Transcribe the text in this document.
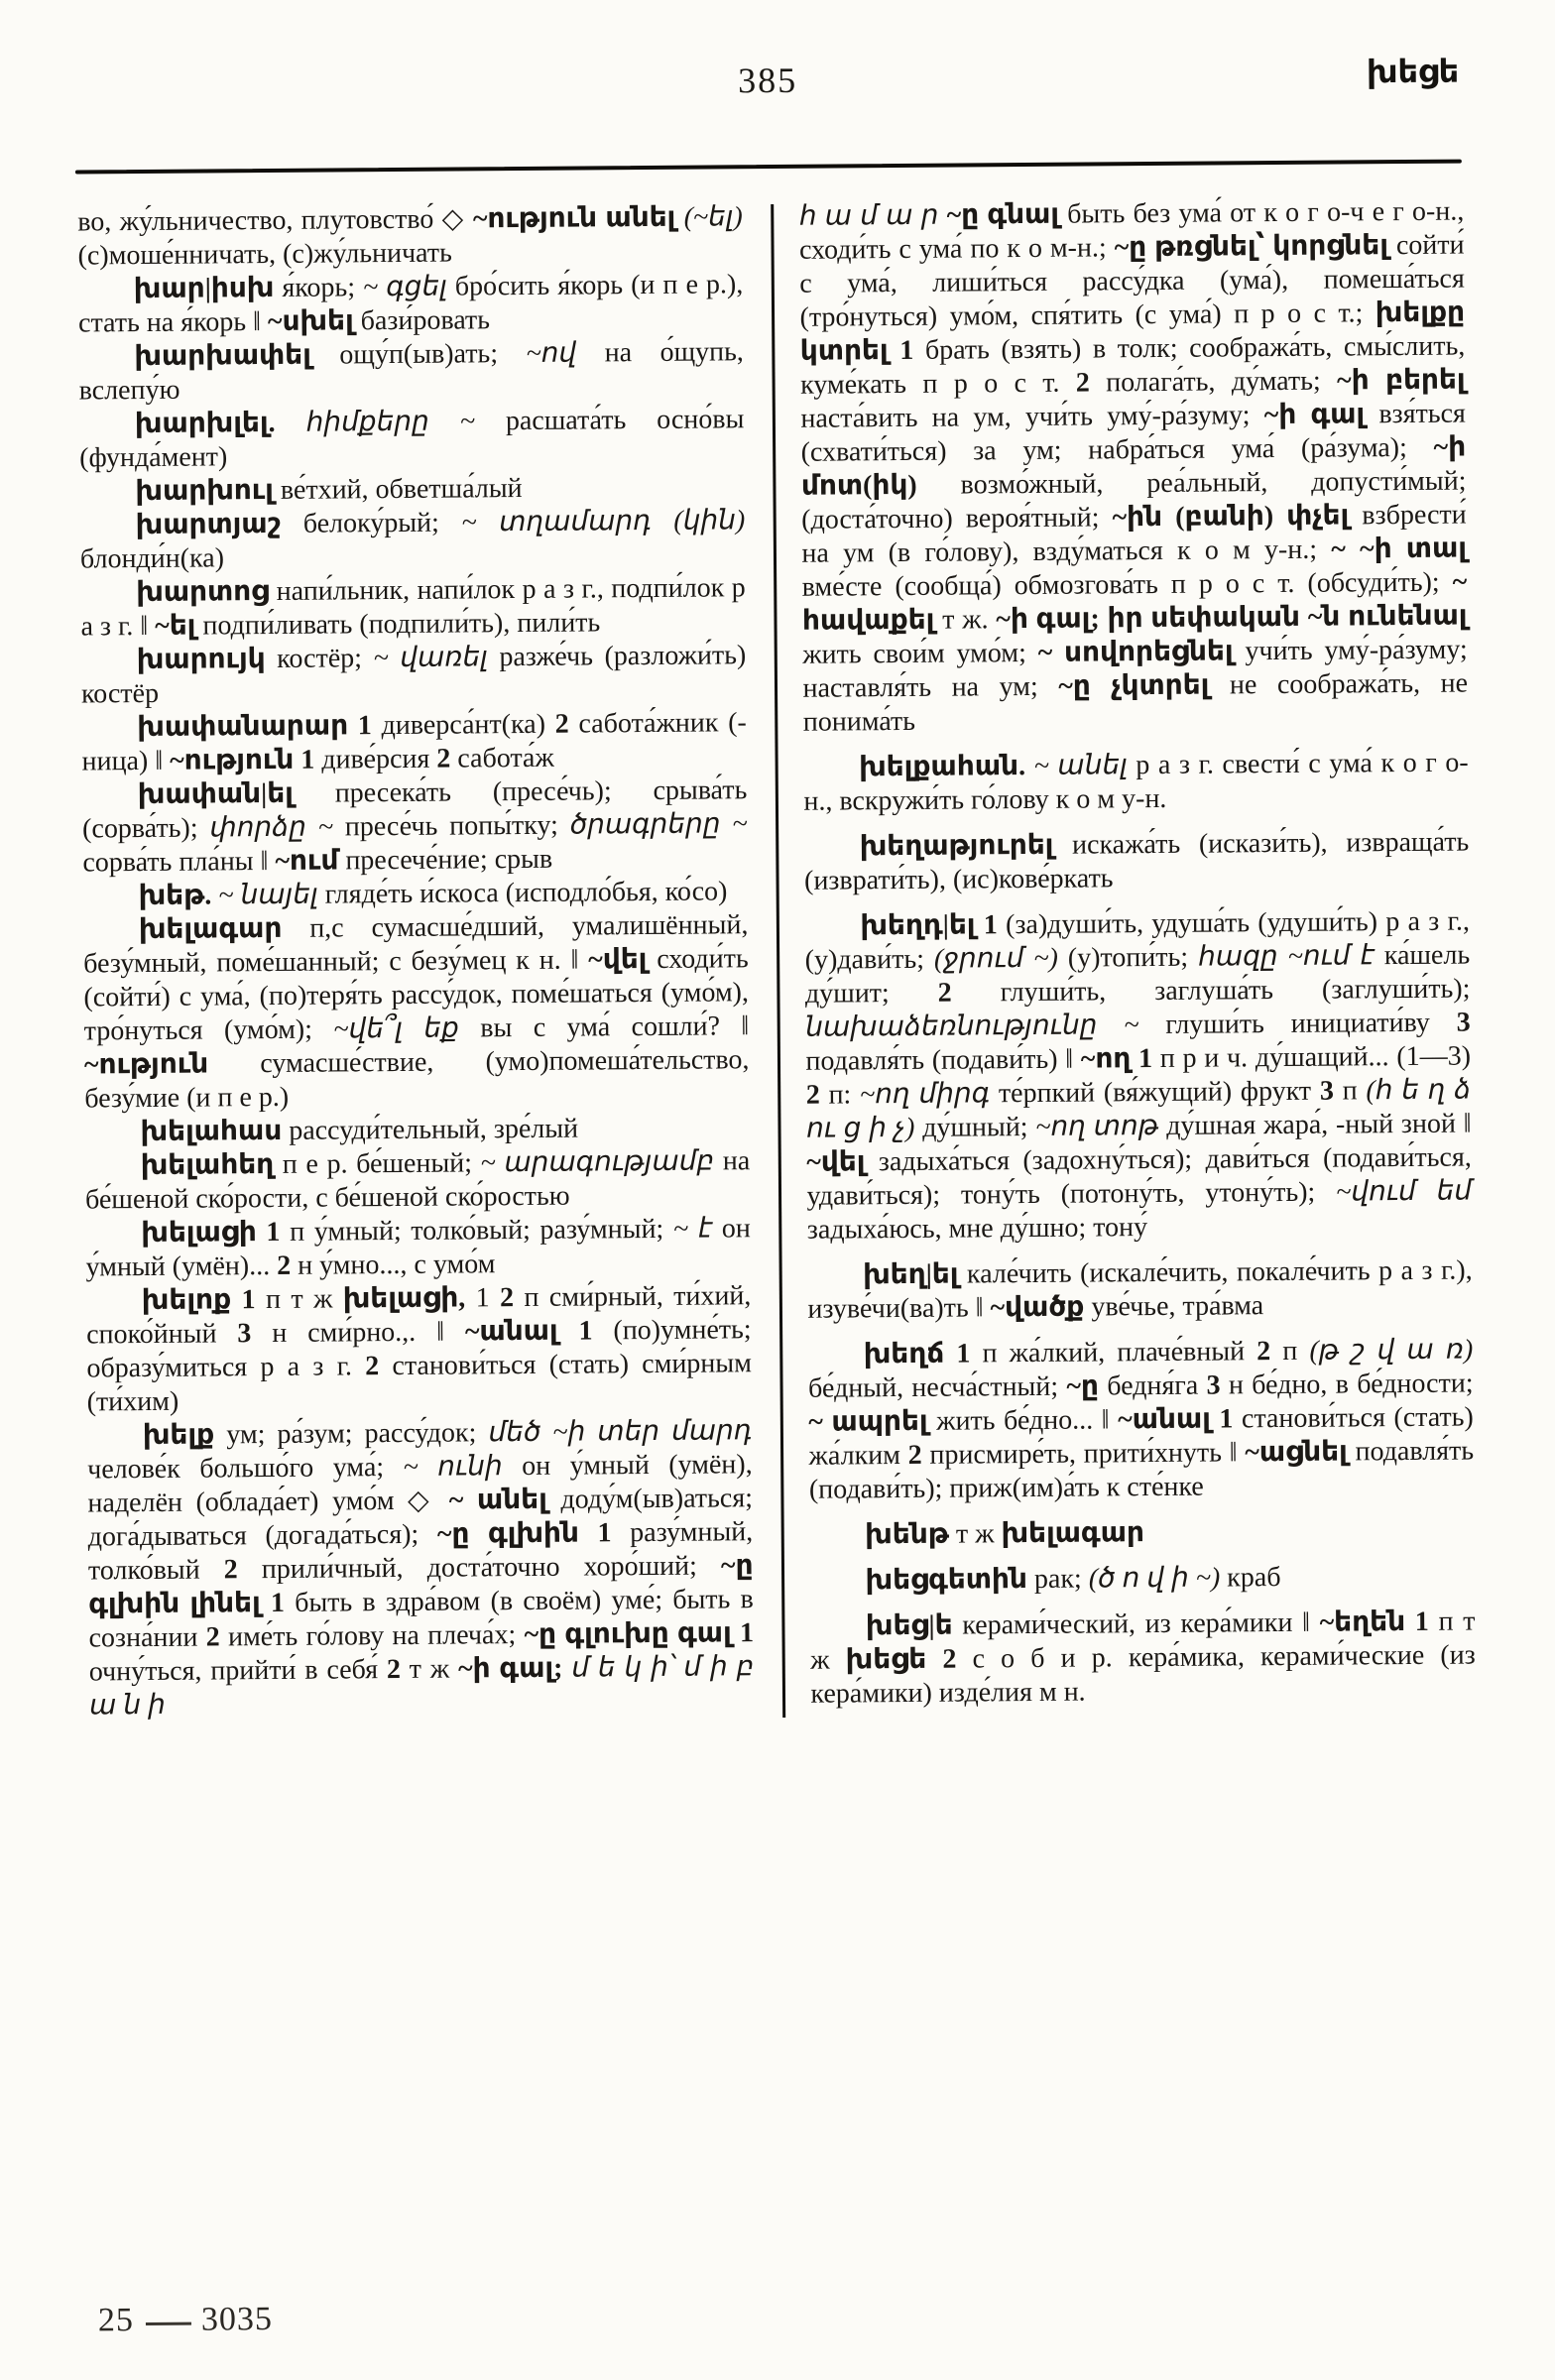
385	խեցե

во, жу́льничество, плутовство́ ◇ ~ություն անել (~ել) (с)моше́нничать, (с)жу́льничать

խար|իսխ я́корь; ~ գցել бро́сить я́корь (и п е р.), стать на я́корь ‖ ~սխել бази́ровать

խարխափել ощу́п(ыв)ать; ~ով на о́щупь, вслепу́ю

խարխլել. հիմքերը ~ расшата́ть осно́вы (фунда́мент)

խարխուլ ве́тхий, обветша́лый

խարտյաշ белоку́рый; ~ տղամարդ (կին) блонди́н(ка)

խարտոց напи́льник, напи́лок р а з г., подпи́лок р а з г. ‖ ~ել подпи́ливать (подпили́ть), пили́ть

խարույկ костёр; ~ վառել разже́чь (разложи́ть) костёр

խափանարար 1 диверса́нт(ка) 2 сабота́жник (-ница) ‖ ~ություն 1 диве́рсия 2 сабота́ж

խափան|ել пресека́ть (пресе́чь); срыва́ть (сорва́ть); փորձը ~ пресе́чь попы́тку; ծրագրերը ~ сорва́ть пла́ны ‖ ~ում пресече́ние; срыв

խեթ. ~ նայել гляде́ть и́скоса (исподло́бья, ко́со)

խելագար п,с сумасше́дший, умалишённый, безу́мный, поме́шанный; с безу́мец к н. ‖ ~վել сходи́ть (сойти́) с ума́, (по)теря́ть рассу́док, поме́шаться (умо́м), тро́нуться (умо́м); ~վե՞լ եք вы с ума́ сошли́? ‖ ~ություն сумасше́ствие, (умо)помеша́тельство, безу́мие (и п е р.)

խելահաս рассуди́тельный, зре́лый

խելահեղ п е р. бе́шеный; ~ արագությամբ на бе́шеной ско́рости, с бе́шеной ско́ростью

խելացի 1 п у́мный; толко́вый; разу́мный; ~ է он у́мный (умён)... 2 н у́мно..., с умо́м

խելոք 1 п т ж խելացի, 1 2 п сми́рный, ти́хий, споко́йный 3 н сми́рно.,. ‖ ~անալ 1 (по)умне́ть; образу́миться р а з г. 2 станови́ться (стать) сми́рным (ти́хим)

խելք ум; ра́зум; рассу́док; մեծ ~ի տեր մարդ челове́к большо́го ума́; ~ ունի он у́мный (умён), наделён (облада́ет) умо́м ◇ ~ անել доду́м(ыв)аться; дога́дываться (догада́ться); ~ը գլխին 1 разу́мный, толко́вый 2 прили́чный, доста́точно хоро́ший; ~ը գլխին լինել 1 быть в здра́вом (в своём) уме́; быть в созна́нии 2 име́ть го́лову на плеча́х; ~ը գլուխը գալ 1 очну́ться, прийти́ в себя́ 2 т ж ~ի գալ; մ ե կ ի՝ մ ի բ ա ն ի

հ ա մ ա ր ~ը գնալ быть без ума́ от к о г о-ч е г о-н., сходи́ть с ума́ по к о м-н.; ~ը թռցնել՝ կորցնել сойти́ с ума́, лиши́ться рассу́дка (ума́), помеша́ться (тро́нуться) умо́м, спя́тить (с ума́) п р о с т.; խելքը կտրել 1 брать (взять) в толк; сообража́ть, смы́слить, куме́кать п р о с т. 2 полага́ть, ду́мать; ~ի բերել наста́вить на ум, учи́ть уму́-ра́зуму; ~ի գալ взя́ться (схвати́ться) за ум; набра́ться ума́ (ра́зума); ~ի մոտ(իկ) возмо́жный, реа́льный, допусти́мый; (доста́точно) вероя́тный; ~ին (բանի) փչել взбрести́ на ум (в го́лову), взду́маться к о м у-н.; ~ ~ի տալ вме́сте (сообща́) обмозгова́ть п р о с т. (обсуди́ть); ~ հավաքել т ж. ~ի գալ; իր սեփական ~ն ունենալ жить свои́м умо́м; ~ սովորեցնել учи́ть уму́-ра́зуму; наставля́ть на ум; ~ը չկտրել не сообража́ть, не понима́ть

խելքահան. ~ անել р а з г. свести́ с ума́ к о г о-н., вскружи́ть го́лову к о м у-н.

խեղաթյուրել искажа́ть (искази́ть), извраща́ть (изврати́ть), (ис)кове́ркать

խեղդ|ել 1 (за)души́ть, удуша́ть (удуши́ть) р а з г., (у)дави́ть; (ջրում ~) (у)топи́ть; հազը ~ում է ка́шель ду́шит; 2 глуши́ть, заглуша́ть (заглуши́ть); նախաձեռնությունը ~ глуши́ть инициати́ву 3 подавля́ть (подави́ть) ‖ ~ող 1 п р и ч. ду́шащий... (1—3) 2 п: ~ող միրգ те́рпкий (вя́жущий) фрукт 3 п (հ ե ղ ձ ու ց ի չ) ду́шный; ~ող տոթ ду́шная жара́, -ный зной ‖ ~վել задыха́ться (задохну́ться); дави́ться (подави́ться, удави́ться); тону́ть (потону́ть, утону́ть); ~վում եմ задыха́юсь, мне ду́шно; тону́

խեղ|ել кале́чить (искале́чить, покале́чить р а з г.), изуве́чи(ва)ть ‖ ~վածք уве́чье, тра́вма

խեղճ 1 п жа́лкий, плаче́вный 2 п (թ շ վ ա ռ) бе́дный, несча́стный; ~ը бедня́га 3 н бе́дно, в бе́дности; ~ ապրել жить бе́дно... ‖ ~անալ 1 станови́ться (стать) жа́лким 2 присмире́ть, прити́хнуть ‖ ~ացնել подавля́ть (подави́ть); приж(им)а́ть к сте́нке

խենթ т ж խելագար

խեցգետին рак; (ծ ո վ ի ~) краб

խեց|ե керами́ческий, из кера́мики ‖ ~եղեն 1 п т ж խեցե 2 с о б и р. кера́мика, керами́ческие (из кера́мики) изде́лия м н.

25 3035
